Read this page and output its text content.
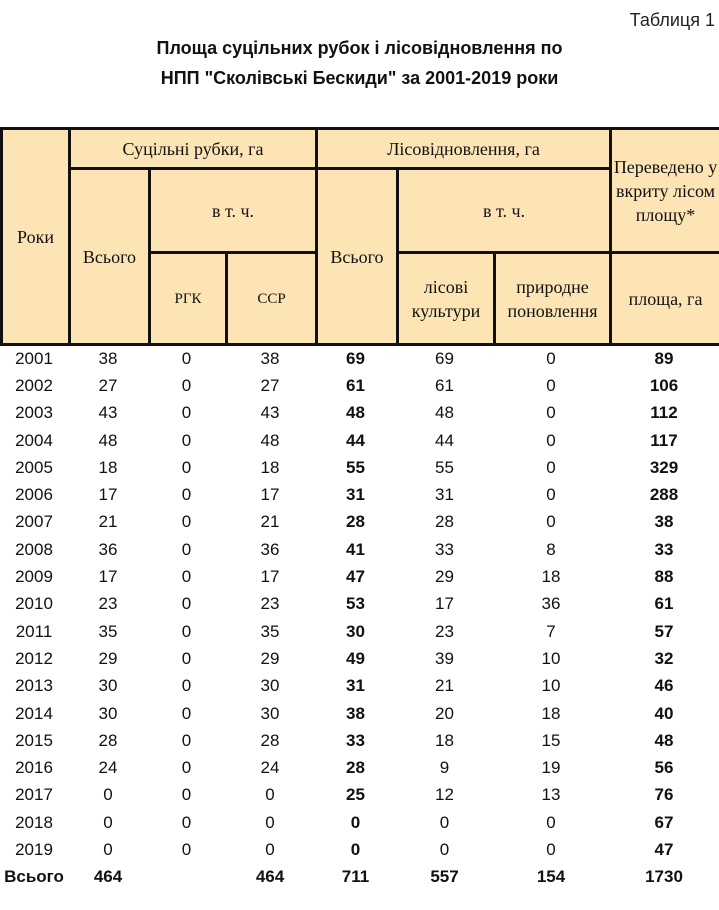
Таблиця 1
Площа суцільних рубок і лісовідновлення по
НПП "Сколівські Бескиди" за 2001-2019 роки
Роки	Суцільні рубки, га			Лісовідновлення, га			Переведено у вкриту лісом площу*
	Всього	в т. ч.		Всього	в т. ч.		

		РГК	ССР		лісові культури	природне поновлення	площа, га
2001	38	0	38	69	69	0	89
2002	27	0	27	61	61	0	106
2003	43	0	43	48	48	0	112
2004	48	0	48	44	44	0	117
2005	18	0	18	55	55	0	329
2006	17	0	17	31	31	0	288
2007	21	0	21	28	28	0	38
2008	36	0	36	41	33	8	33
2009	17	0	17	47	29	18	88
2010	23	0	23	53	17	36	61
2011	35	0	35	30	23	7	57
2012	29	0	29	49	39	10	32
2013	30	0	30	31	21	10	46
2014	30	0	30	38	20	18	40
2015	28	0	28	33	18	15	48
2016	24	0	24	28	9	19	56
2017	0	0	0	25	12	13	76
2018	0	0	0	0	0	0	67
2019	0	0	0	0	0	0	47
Всього	464		464	711	557	154	1730
